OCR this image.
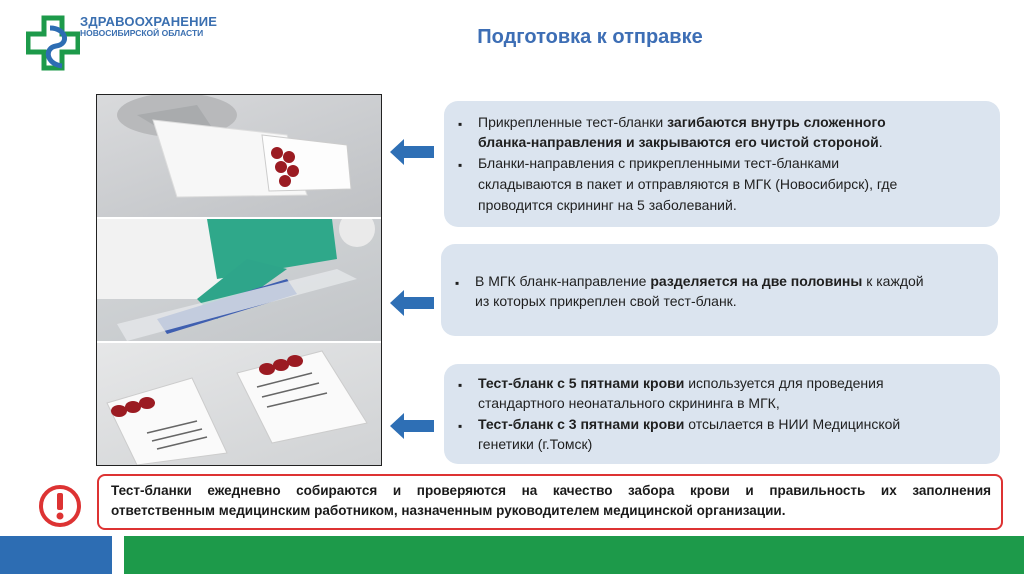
ЗДРАВООХРАНЕНИЕ
НОВОСИБИРСКОЙ ОБЛАСТИ	Подготовка к отправке
▪ Прикрепленные тест-бланки загибаются внутрь сложенного
бланка-направления и закрываются его чистой стороной.
▪ Бланки-направления с прикрепленными тест-бланками
складываются в пакет и отправляются в МГК (Новосибирск), где
проводится скрининг на 5 заболеваний.
▪ В МГК бланк-направление разделяется на две половины к каждой
из которых прикреплен свой тест-бланк.
▪ Тест-бланк с 5 пятнами крови используется для проведения
стандартного неонатального скрининга в МГК,
▪ Тест-бланк с 3 пятнами крови отсылается в НИИ Медицинской
генетики (г.Томск)
Тест-бланки ежедневно собираются и проверяются на качество забора крови и правильность их заполнения
ответственным медицинским работником, назначенным руководителем медицинской организации.
